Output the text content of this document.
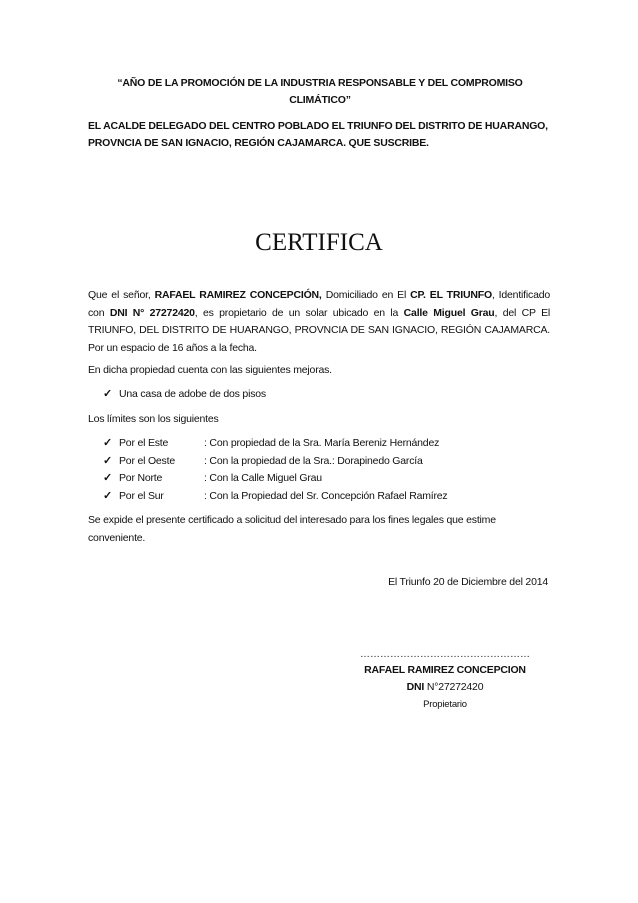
“AÑO DE LA PROMOCIÓN DE LA INDUSTRIA RESPONSABLE Y DEL COMPROMISO CLIMÁTICO”
EL ACALDE DELEGADO DEL CENTRO POBLADO EL TRIUNFO DEL DISTRITO DE HUARANGO, PROVNCIA DE SAN IGNACIO, REGIÓN CAJAMARCA. QUE SUSCRIBE.
CERTIFICA
Que el señor, RAFAEL RAMIREZ CONCEPCIÓN, Domiciliado en El CP. EL TRIUNFO, Identificado con DNI N° 27272420, es propietario de un solar ubicado en la Calle Miguel Grau, del CP El TRIUNFO, DEL DISTRITO DE HUARANGO, PROVNCIA DE SAN IGNACIO, REGIÓN CAJAMARCA. Por un espacio de 16 años a la fecha.
En dicha propiedad cuenta con las siguientes mejoras.
✓ Una casa de adobe de dos pisos
Los límites son los siguientes
✓ Por el Este	: Con propiedad de la Sra. María Bereniz Hernández
✓ Por el Oeste	: Con la propiedad de la Sra.: Dorapinedo García
✓ Por Norte	: Con la Calle Miguel Grau
✓ Por el Sur	: Con la Propiedad del Sr. Concepción Rafael Ramírez
Se expide el presente certificado a solicitud del interesado para los fines legales que estime conveniente.
El Triunfo 20 de Diciembre del 2014
……………………………………………
RAFAEL RAMIREZ CONCEPCION
DNI N°27272420
Propietario
